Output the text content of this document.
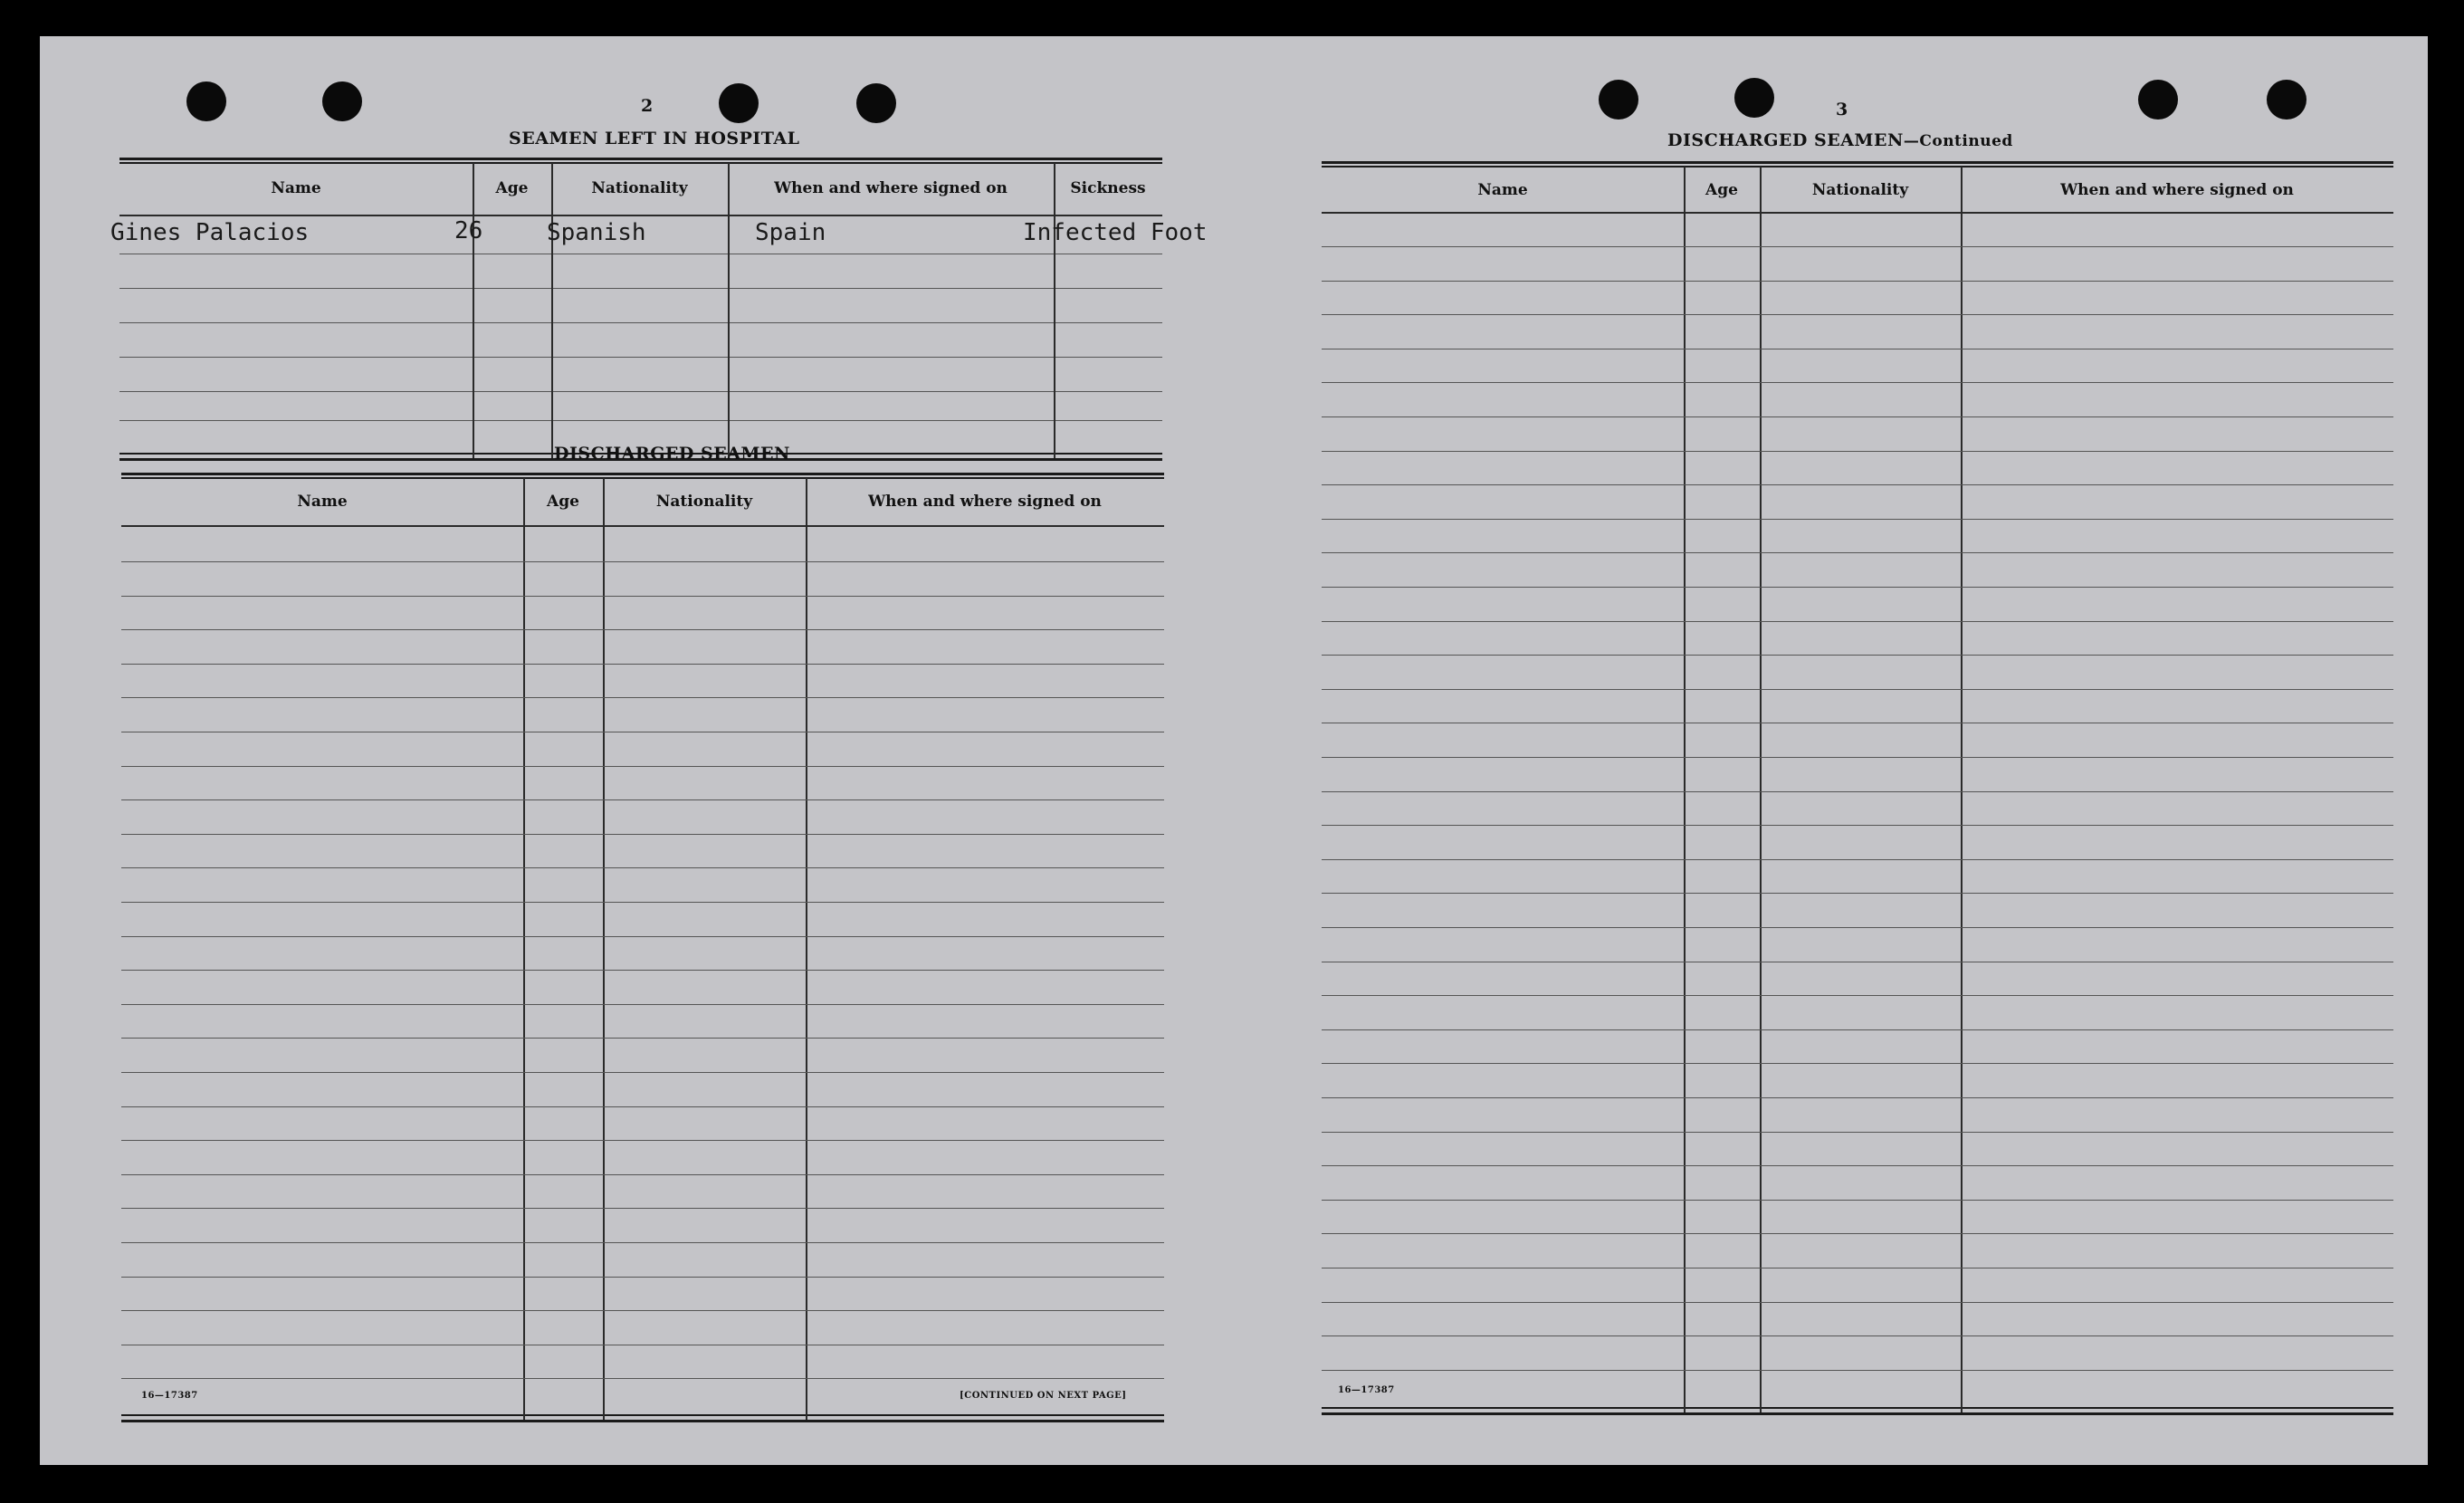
2
SEAMEN LEFT IN HOSPITAL
Name	Age	Nationality	When and where signed on	Sickness
Gines Palacios	26	Spanish	Spain	Infected Foot
DISCHARGED SEAMEN
Name	Age	Nationality	When and where signed on
16—17387	[CONTINUED ON NEXT PAGE]
3
DISCHARGED SEAMEN—Continued
Name	Age	Nationality	When and where signed on
16—17387
